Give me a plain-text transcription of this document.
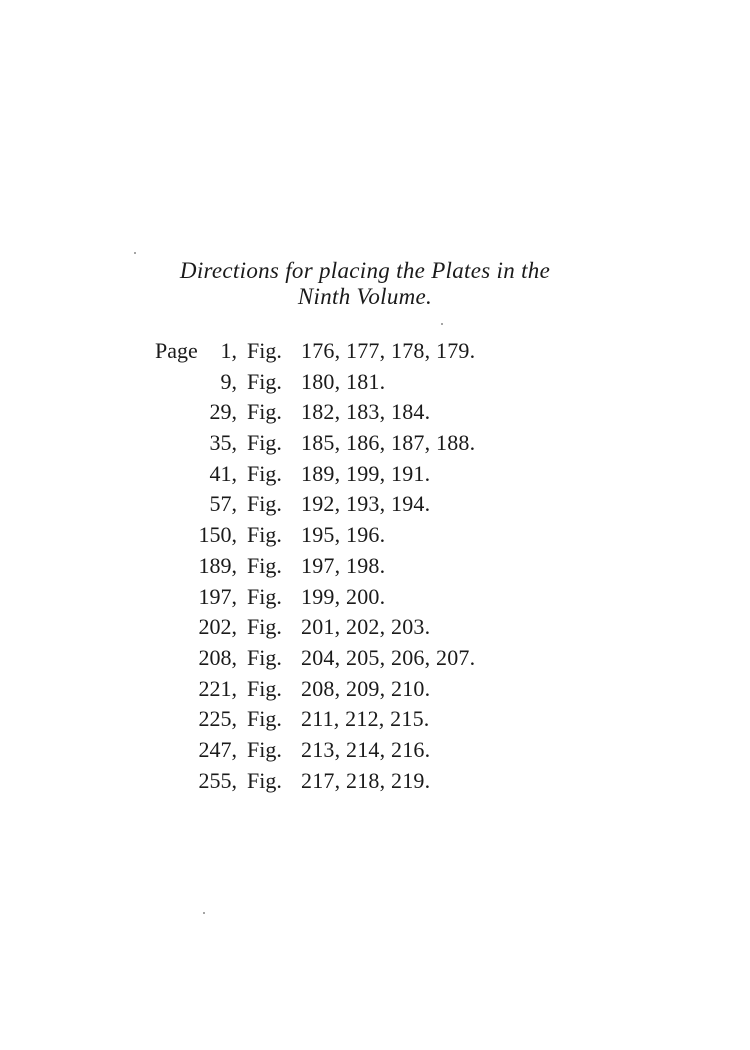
Directions for placing the Plates in the
Ninth Volume.
Page 1, Fig. 176, 177, 178, 179.
9, Fig. 180, 181.
29, Fig. 182, 183, 184.
35, Fig. 185, 186, 187, 188.
41, Fig. 189, 199, 191.
57, Fig. 192, 193, 194.
150, Fig. 195, 196.
189, Fig. 197, 198.
197, Fig. 199, 200.
202, Fig. 201, 202, 203.
208, Fig. 204, 205, 206, 207.
221, Fig. 208, 209, 210.
225, Fig. 211, 212, 215.
247, Fig. 213, 214, 216.
255, Fig. 217, 218, 219.
